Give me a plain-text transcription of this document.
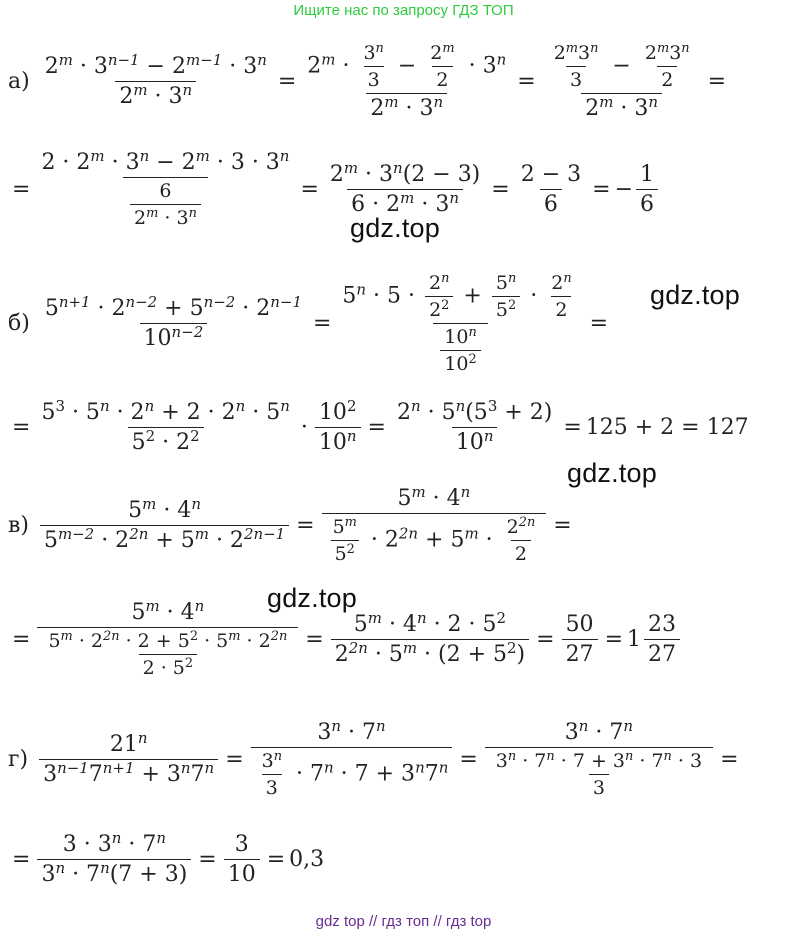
Ищите нас по запросу ГДЗ ТОП
$а) \frac{2^m \cdot 3^{n-1} - 2^{m-1} \cdot 3^n}{2^m \cdot 3^n} = \frac{2^m \cdot \frac{3^n}{3} - \frac{2^m}{2} \cdot 3^n}{2^m \cdot 3^n} = \frac{\frac{2^m3^n}{3} - \frac{2^m3^n}{2}}{2^m \cdot 3^n}$ =
= $\frac{2 \cdot 2^m \cdot 3^n - 2^m \cdot 3 \cdot 3^n}{\frac{6}{2^m \cdot 3^n}} = \frac{2^m \cdot 3^n(2 - 3)}{6 \cdot 2^m \cdot 3^n} = \frac{2 - 3}{6}$ = − $\frac{1}{6}$
gdz.top
gdz.top
$б) \frac{5^{n+1} \cdot 2^{n-2} + 5^{n-2} \cdot 2^{n-1}}{10^{n-2}} = \frac{5^n \cdot 5 \cdot \frac{2^n}{2^2} + \frac{5^n}{5^2} \cdot \frac{2^n}{2}}{\frac{10^n}{10^2}}$ =
= $\frac{5^3 \cdot 5^n \cdot 2^n + 2 \cdot 2^n \cdot 5^n}{5^2 \cdot 2^2} \cdot \frac{10^2}{10^n} = \frac{2^n \cdot 5^n(5^3 + 2)}{10^n} = 125 + 2 = 127$
gdz.top
$в) \frac{5^m \cdot 4^n}{5^{m-2} \cdot 2^{2n} + 5^m \cdot 2^{2n-1}} = \frac{5^m \cdot 4^n}{\frac{5^m}{5^2} \cdot 2^{2n} + 5^m \cdot \frac{2^{2n}}{2}}$ =
gdz.top
= $\frac{5^m \cdot 4^n}{\frac{5^m \cdot 2^{2n} \cdot 2 + 5^2 \cdot 5^m \cdot 2^{2n}}{2 \cdot 5^2}} = \frac{5^m \cdot 4^n \cdot 2 \cdot 5^2}{2^{2n} \cdot 5^m \cdot (2 + 5^2)} = \frac{50}{27} = 1 \frac{23}{27}$
$г) \frac{21^n}{3^{n-1}7^{n+1} + 3^n7^n} = \frac{3^n \cdot 7^n}{\frac{3^n}{3} \cdot 7^n \cdot 7 + 3^n7^n} = \frac{3^n \cdot 7^n}{\frac{3^n \cdot 7^n \cdot 7 + 3^n \cdot 7^n \cdot 3}{3}}$ =
= $\frac{3 \cdot 3^n \cdot 7^n}{3^n \cdot 7^n(7 + 3)} = \frac{3}{10} = 0,3$
gdz top // гдз топ // гдз top
